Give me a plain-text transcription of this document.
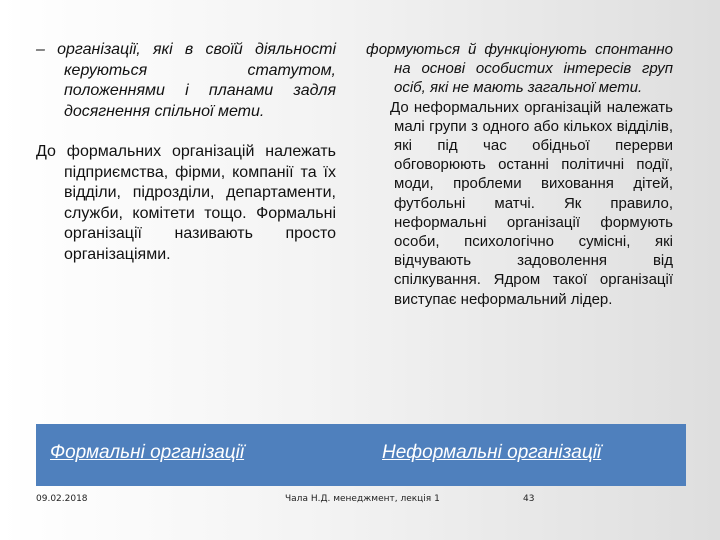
– організації, які в своїй діяльності керуються статутом, положеннями і планами задля досягнення спільної мети.

До формальних організацій належать підприємства, фірми, компанії та їх відділи, підрозділи, департаменти, служби, комітети тощо. Формальні організації називають просто організаціями.

формуються й функціонують спонтанно на основі особистих інтересів груп осіб, які не мають загальної мети.

До неформальних організацій належать малі групи з одного або кількох відділів, які під час обідньої перерви обговорюють останні політичні події, моди, проблеми виховання дітей, футбольні матчі. Як правило, неформальні організації формують особи, психологічно сумісні, які відчувають задоволення від спілкування. Ядром такої організації виступає неформальний лідер.

Формальні організації	Неформальні організації
09.02.2018	Чала Н.Д. менеджмент, лекція 1	43
